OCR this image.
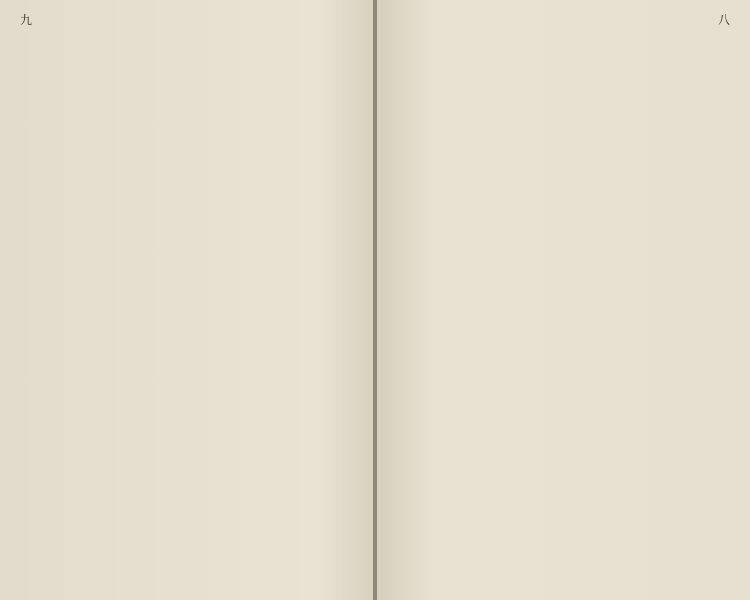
九	八
